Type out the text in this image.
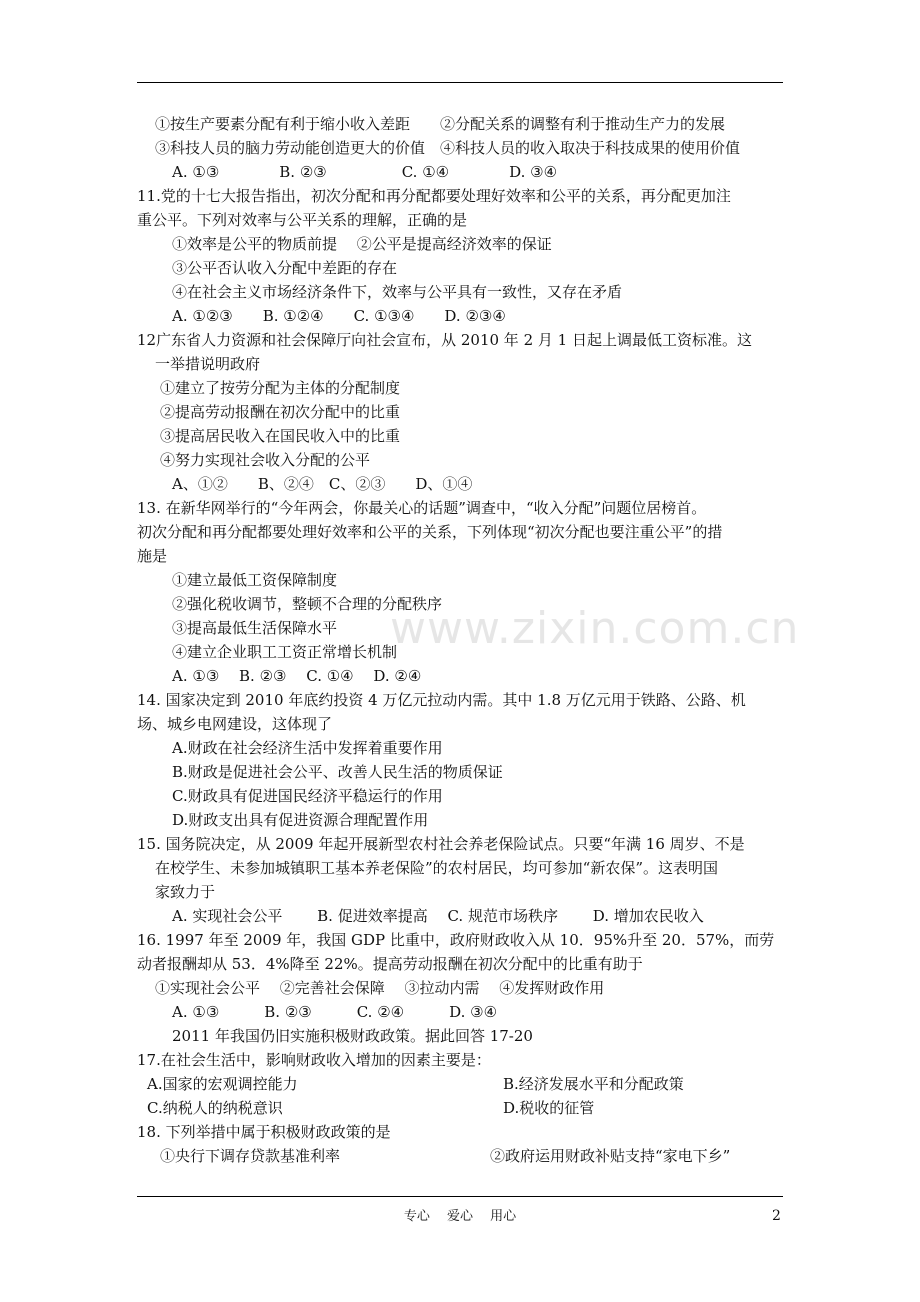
www.zixin.com.cn
①按生产要素分配有利于缩小收入差距　　②分配关系的调整有利于推动生产力的发展
③科技人员的脑力劳动能创造更大的价值　④科技人员的收入取决于科技成果的使用价值
A. ①③　　　　B. ②③　　　　　C. ①④　　　　D. ③④
11.党的十七大报告指出，初次分配和再分配都要处理好效率和公平的关系，再分配更加注
重公平。下列对效率与公平关系的理解，正确的是
①效率是公平的物质前提　 ②公平是提高经济效率的保证
③公平否认收入分配中差距的存在
④在社会主义市场经济条件下，效率与公平具有一致性，又存在矛盾
A. ①②③　　B. ①②④　　C. ①③④　　D. ②③④
12广东省人力资源和社会保障厅向社会宣布，从 2010 年 2 月 1 日起上调最低工资标准。这
一举措说明政府
①建立了按劳分配为主体的分配制度
②提高劳动报酬在初次分配中的比重
③提高居民收入在国民收入中的比重
④努力实现社会收入分配的公平
A、①②　　B、②④　C、②③　　D、①④
13. 在新华网举行的“今年两会，你最关心的话题”调查中，“收入分配”问题位居榜首。
初次分配和再分配都要处理好效率和公平的关系，下列体现“初次分配也要注重公平”的措
施是
①建立最低工资保障制度
②强化税收调节，整顿不合理的分配秩序
③提高最低生活保障水平
④建立企业职工工资正常增长机制
A. ①③　 B. ②③　 C. ①④　 D. ②④
14. 国家决定到 2010 年底约投资 4 万亿元拉动内需。其中 1.8 万亿元用于铁路、公路、机
场、城乡电网建设，这体现了
A.财政在社会经济生活中发挥着重要作用
B.财政是促进社会公平、改善人民生活的物质保证
C.财政具有促进国民经济平稳运行的作用
D.财政支出具有促进资源合理配置作用
15. 国务院决定，从 2009 年起开展新型农村社会养老保险试点。只要“年满 16 周岁、不是
在校学生、未参加城镇职工基本养老保险”的农村居民，均可参加“新农保”。这表明国
家致力于
A. 实现社会公平　　 B. 促进效率提高　 C. 规范市场秩序　　 D. 增加农民收入
16. 1997 年至 2009 年，我国 GDP 比重中，政府财政收入从 10．95%升至 20．57%，而劳
动者报酬却从 53．4%降至 22%。提高劳动报酬在初次分配中的比重有助于
①实现社会公平　 ②完善社会保障　 ③拉动内需　 ④发挥财政作用
A. ①③　　　B. ②③　　　C. ②④　　　D. ③④
2011 年我国仍旧实施积极财政政策。据此回答 17-20
17.在社会生活中，影响财政收入增加的因素主要是：
A.国家的宏观调控能力	B.经济发展水平和分配政策
C.纳税人的纳税意识	D.税收的征管
18. 下列举措中属于积极财政政策的是
①央行下调存贷款基准利率	②政府运用财政补贴支持“家电下乡”
专心　 爱心　 用心	2
